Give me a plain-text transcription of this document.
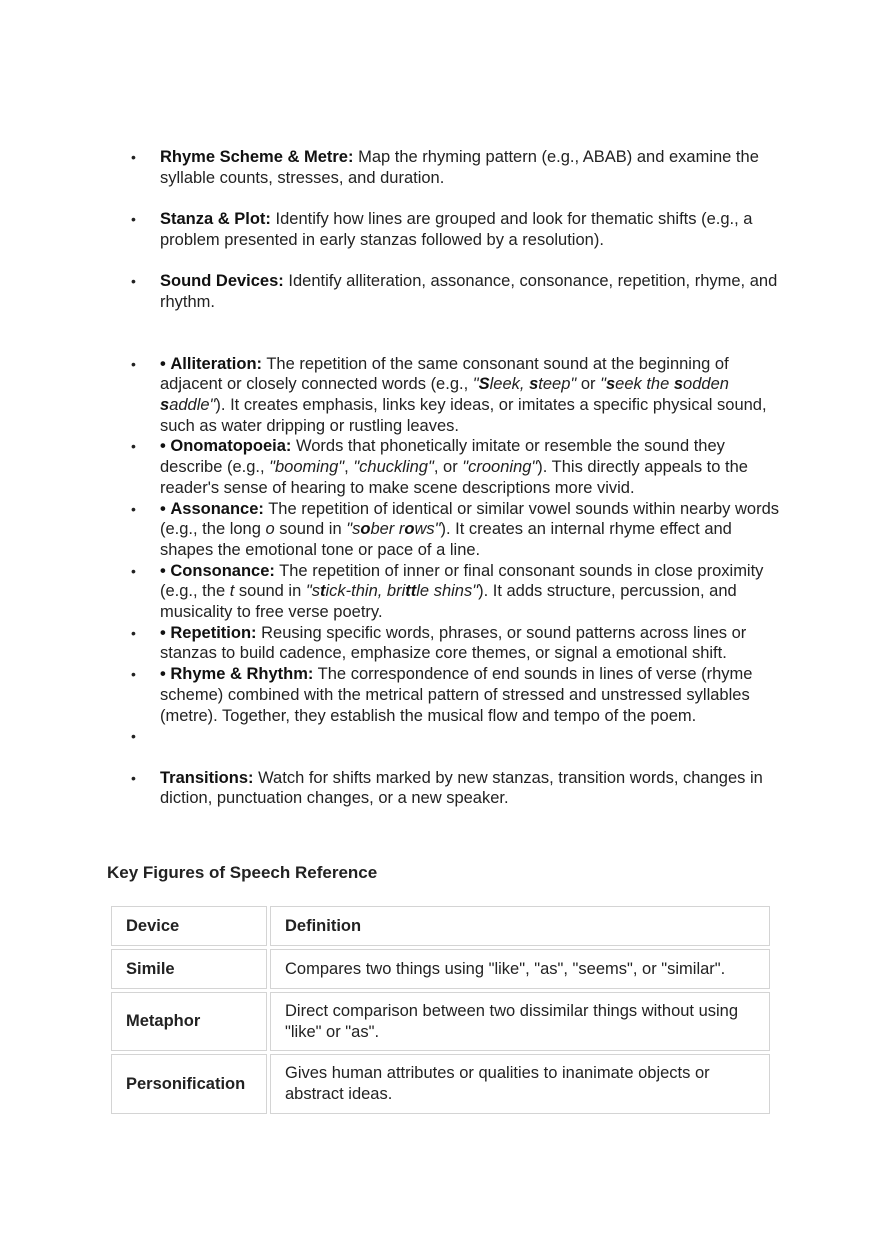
•	Rhyme Scheme & Metre: Map the rhyming pattern (e.g., ABAB) and examine the syllable counts, stresses, and duration.
•	Stanza & Plot: Identify how lines are grouped and look for thematic shifts (e.g., a problem presented in early stanzas followed by a resolution).
•	Sound Devices: Identify alliteration, assonance, consonance, repetition, rhyme, and rhythm.
•	• Alliteration: The repetition of the same consonant sound at the beginning of adjacent or closely connected words (e.g., "Sleek, steep" or "seek the sodden saddle"). It creates emphasis, links key ideas, or imitates a specific physical sound, such as water dripping or rustling leaves.
•	• Onomatopoeia: Words that phonetically imitate or resemble the sound they describe (e.g., "booming", "chuckling", or "crooning"). This directly appeals to the reader's sense of hearing to make scene descriptions more vivid.
•	• Assonance: The repetition of identical or similar vowel sounds within nearby words (e.g., the long o sound in "sober rows"). It creates an internal rhyme effect and shapes the emotional tone or pace of a line.
•	• Consonance: The repetition of inner or final consonant sounds in close proximity (e.g., the t sound in "stick-thin, brittle shins"). It adds structure, percussion, and musicality to free verse poetry.
•	• Repetition: Reusing specific words, phrases, or sound patterns across lines or stanzas to build cadence, emphasize core themes, or signal a emotional shift.
•	• Rhyme & Rhythm: The correspondence of end sounds in lines of verse (rhyme scheme) combined with the metrical pattern of stressed and unstressed syllables (metre). Together, they establish the musical flow and tempo of the poem.
•
•	Transitions: Watch for shifts marked by new stanzas, transition words, changes in diction, punctuation changes, or a new speaker.
Key Figures of Speech Reference
Device	Definition
Simile	Compares two things using "like", "as", "seems", or "similar".
Metaphor	Direct comparison between two dissimilar things without using "like" or "as".
Personification	Gives human attributes or qualities to inanimate objects or abstract ideas.
